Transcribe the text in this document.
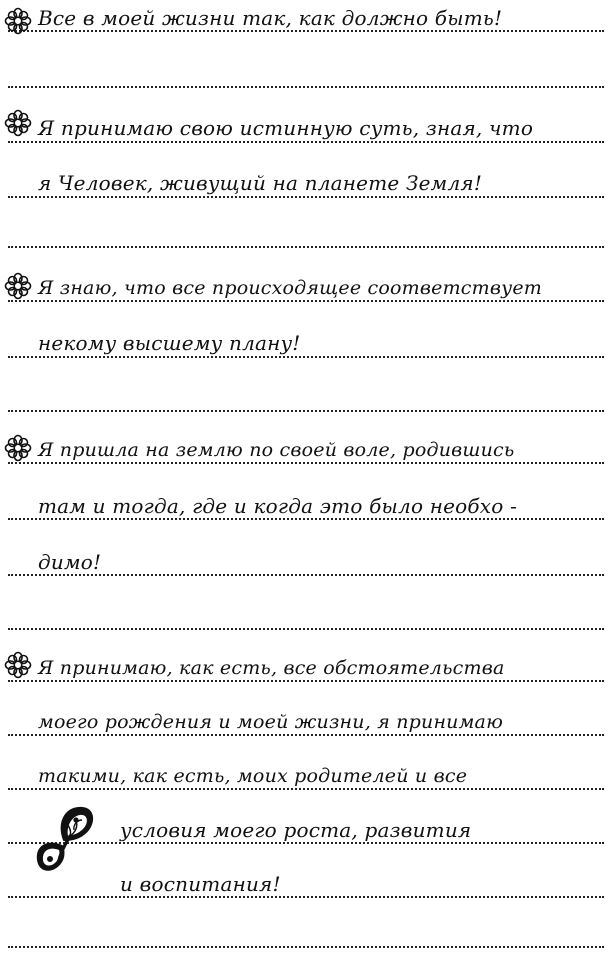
Все в моей жизни так, как должно быть!
Я принимаю свою истинную суть, зная, что
я Человек, живущий на планете Земля!
Я знаю, что все происходящее соответствует
некому высшему плану!
Я пришла на землю по своей воле, родившись
там и тогда, где и когда это было необхо -
димо!
Я принимаю, как есть, все обстоятельства
моего рождения и моей жизни, я принимаю
такими, как есть, моих родителей и все
условия моего роста, развития
и воспитания!
